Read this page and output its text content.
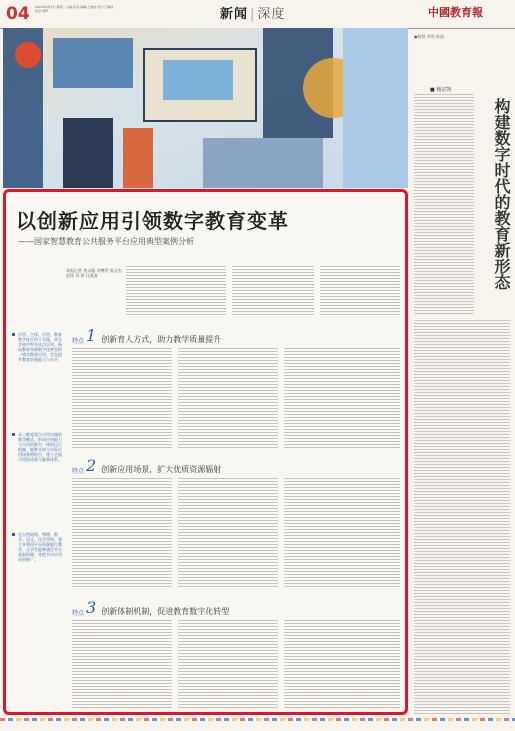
04 2024年4月1日 星期一 主编:张兴 编辑:王晓东 设计:王海泽 校对:刘梦	新闻 | 深度	中國教育報
●制图 李明 陈逸
■ 杨宗凯
构建数字时代的教育新形态
以创新应用引领数字教育变革
——国家智慧教育公共服务平台应用典型案例分析
本报记者 焦以璇 刘博智 陈文杰 赵翔 刘 寄 汪燕春
宗旨、主体、应用，教育数字化应用于实践，并在学校中率先试点应用，指向教育领域数字化转型的一线实践和应用，旨在提升教育治理能力与水平。
从三维度建立应用实践的教学模式，形成应用能力与可用资源为一体的运行机制，能够支持与实际应用场景相结合，建立全面可用的成果与服务体系。
在自然地理、物理、数学、语文、化学学科，建立并利用平台资源进行教学，让学生能够通过平台获取资源，并把平台应用成果推广。
特点 1 创新育人方式，助力教学质量提升
特点 2 创新应用场景，扩大优质资源辐射
特点 3 创新体制机制，促进教育数字化转型
